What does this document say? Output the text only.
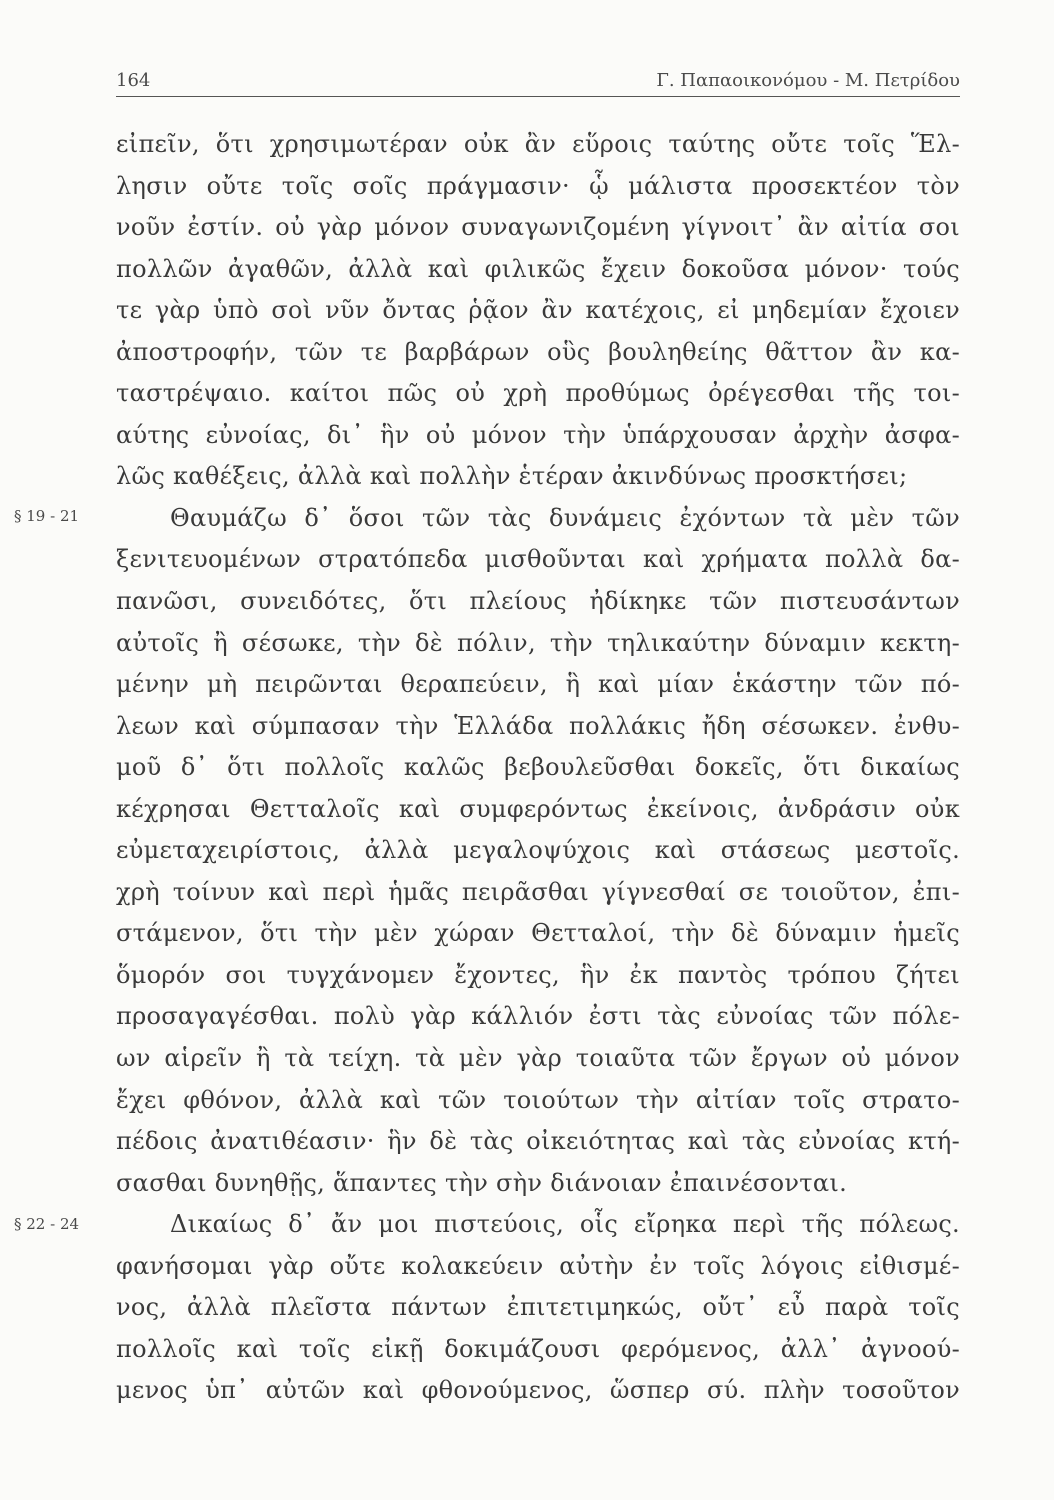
164	Γ. Παπαοικονόμου - Μ. Πετρίδου
§ 19 - 21
§ 22 - 24
εἰπεῖν, ὅτι χρησιμωτέραν οὐκ ἂν εὕροις ταύτης οὔτε τοῖς Ἕλ-
λησιν οὔτε τοῖς σοῖς πράγμασιν· ᾧ μάλιστα προσεκτέον τὸν
νοῦν ἐστίν. οὐ γὰρ μόνον συναγωνιζομένη γίγνοιτ᾽ ἂν αἰτία σοι
πολλῶν ἀγαθῶν, ἀλλὰ καὶ φιλικῶς ἔχειν δοκοῦσα μόνον· τούς
τε γὰρ ὑπὸ σοὶ νῦν ὄντας ῥᾷον ἂν κατέχοις, εἰ μηδεμίαν ἔχοιεν
ἀποστροφήν, τῶν τε βαρβάρων οὓς βουληθείης θᾶττον ἂν κα-
ταστρέψαιο. καίτοι πῶς οὐ χρὴ προθύμως ὀρέγεσθαι τῆς τοι-
αύτης εὐνοίας, δι᾽ ἣν οὐ μόνον τὴν ὑπάρχουσαν ἀρχὴν ἀσφα-
λῶς καθέξεις, ἀλλὰ καὶ πολλὴν ἑτέραν ἀκινδύνως προσκτήσει;
Θαυμάζω δ᾽ ὅσοι τῶν τὰς δυνάμεις ἐχόντων τὰ μὲν τῶν
ξενιτευομένων στρατόπεδα μισθοῦνται καὶ χρήματα πολλὰ δα-
πανῶσι, συνειδότες, ὅτι πλείους ἠδίκηκε τῶν πιστευσάντων
αὐτοῖς ἢ σέσωκε, τὴν δὲ πόλιν, τὴν τηλικαύτην δύναμιν κεκτη-
μένην μὴ πειρῶνται θεραπεύειν, ἣ καὶ μίαν ἑκάστην τῶν πό-
λεων καὶ σύμπασαν τὴν Ἑλλάδα πολλάκις ἤδη σέσωκεν. ἐνθυ-
μοῦ δ᾽ ὅτι πολλοῖς καλῶς βεβουλεῦσθαι δοκεῖς, ὅτι δικαίως
κέχρησαι Θετταλοῖς καὶ συμφερόντως ἐκείνοις, ἀνδράσιν οὐκ
εὐμεταχειρίστοις, ἀλλὰ μεγαλοψύχοις καὶ στάσεως μεστοῖς.
χρὴ τοίνυν καὶ περὶ ἡμᾶς πειρᾶσθαι γίγνεσθαί σε τοιοῦτον, ἐπι-
στάμενον, ὅτι τὴν μὲν χώραν Θετταλοί, τὴν δὲ δύναμιν ἡμεῖς
ὅμορόν σοι τυγχάνομεν ἔχοντες, ἣν ἐκ παντὸς τρόπου ζήτει
προσαγαγέσθαι. πολὺ γὰρ κάλλιόν ἐστι τὰς εὐνοίας τῶν πόλε-
ων αἱρεῖν ἢ τὰ τείχη. τὰ μὲν γὰρ τοιαῦτα τῶν ἔργων οὐ μόνον
ἔχει φθόνον, ἀλλὰ καὶ τῶν τοιούτων τὴν αἰτίαν τοῖς στρατο-
πέδοις ἀνατιθέασιν· ἣν δὲ τὰς οἰκειότητας καὶ τὰς εὐνοίας κτή-
σασθαι δυνηθῇς, ἅπαντες τὴν σὴν διάνοιαν ἐπαινέσονται.
Δικαίως δ᾽ ἄν μοι πιστεύοις, οἷς εἴρηκα περὶ τῆς πόλεως.
φανήσομαι γὰρ οὔτε κολακεύειν αὐτὴν ἐν τοῖς λόγοις εἰθισμέ-
νος, ἀλλὰ πλεῖστα πάντων ἐπιτετιμηκώς, οὔτ᾽ εὖ παρὰ τοῖς
πολλοῖς καὶ τοῖς εἰκῇ δοκιμάζουσι φερόμενος, ἀλλ᾽ ἀγνοού-
μενος ὑπ᾽ αὐτῶν καὶ φθονούμενος, ὥσπερ σύ. πλὴν τοσοῦτον
